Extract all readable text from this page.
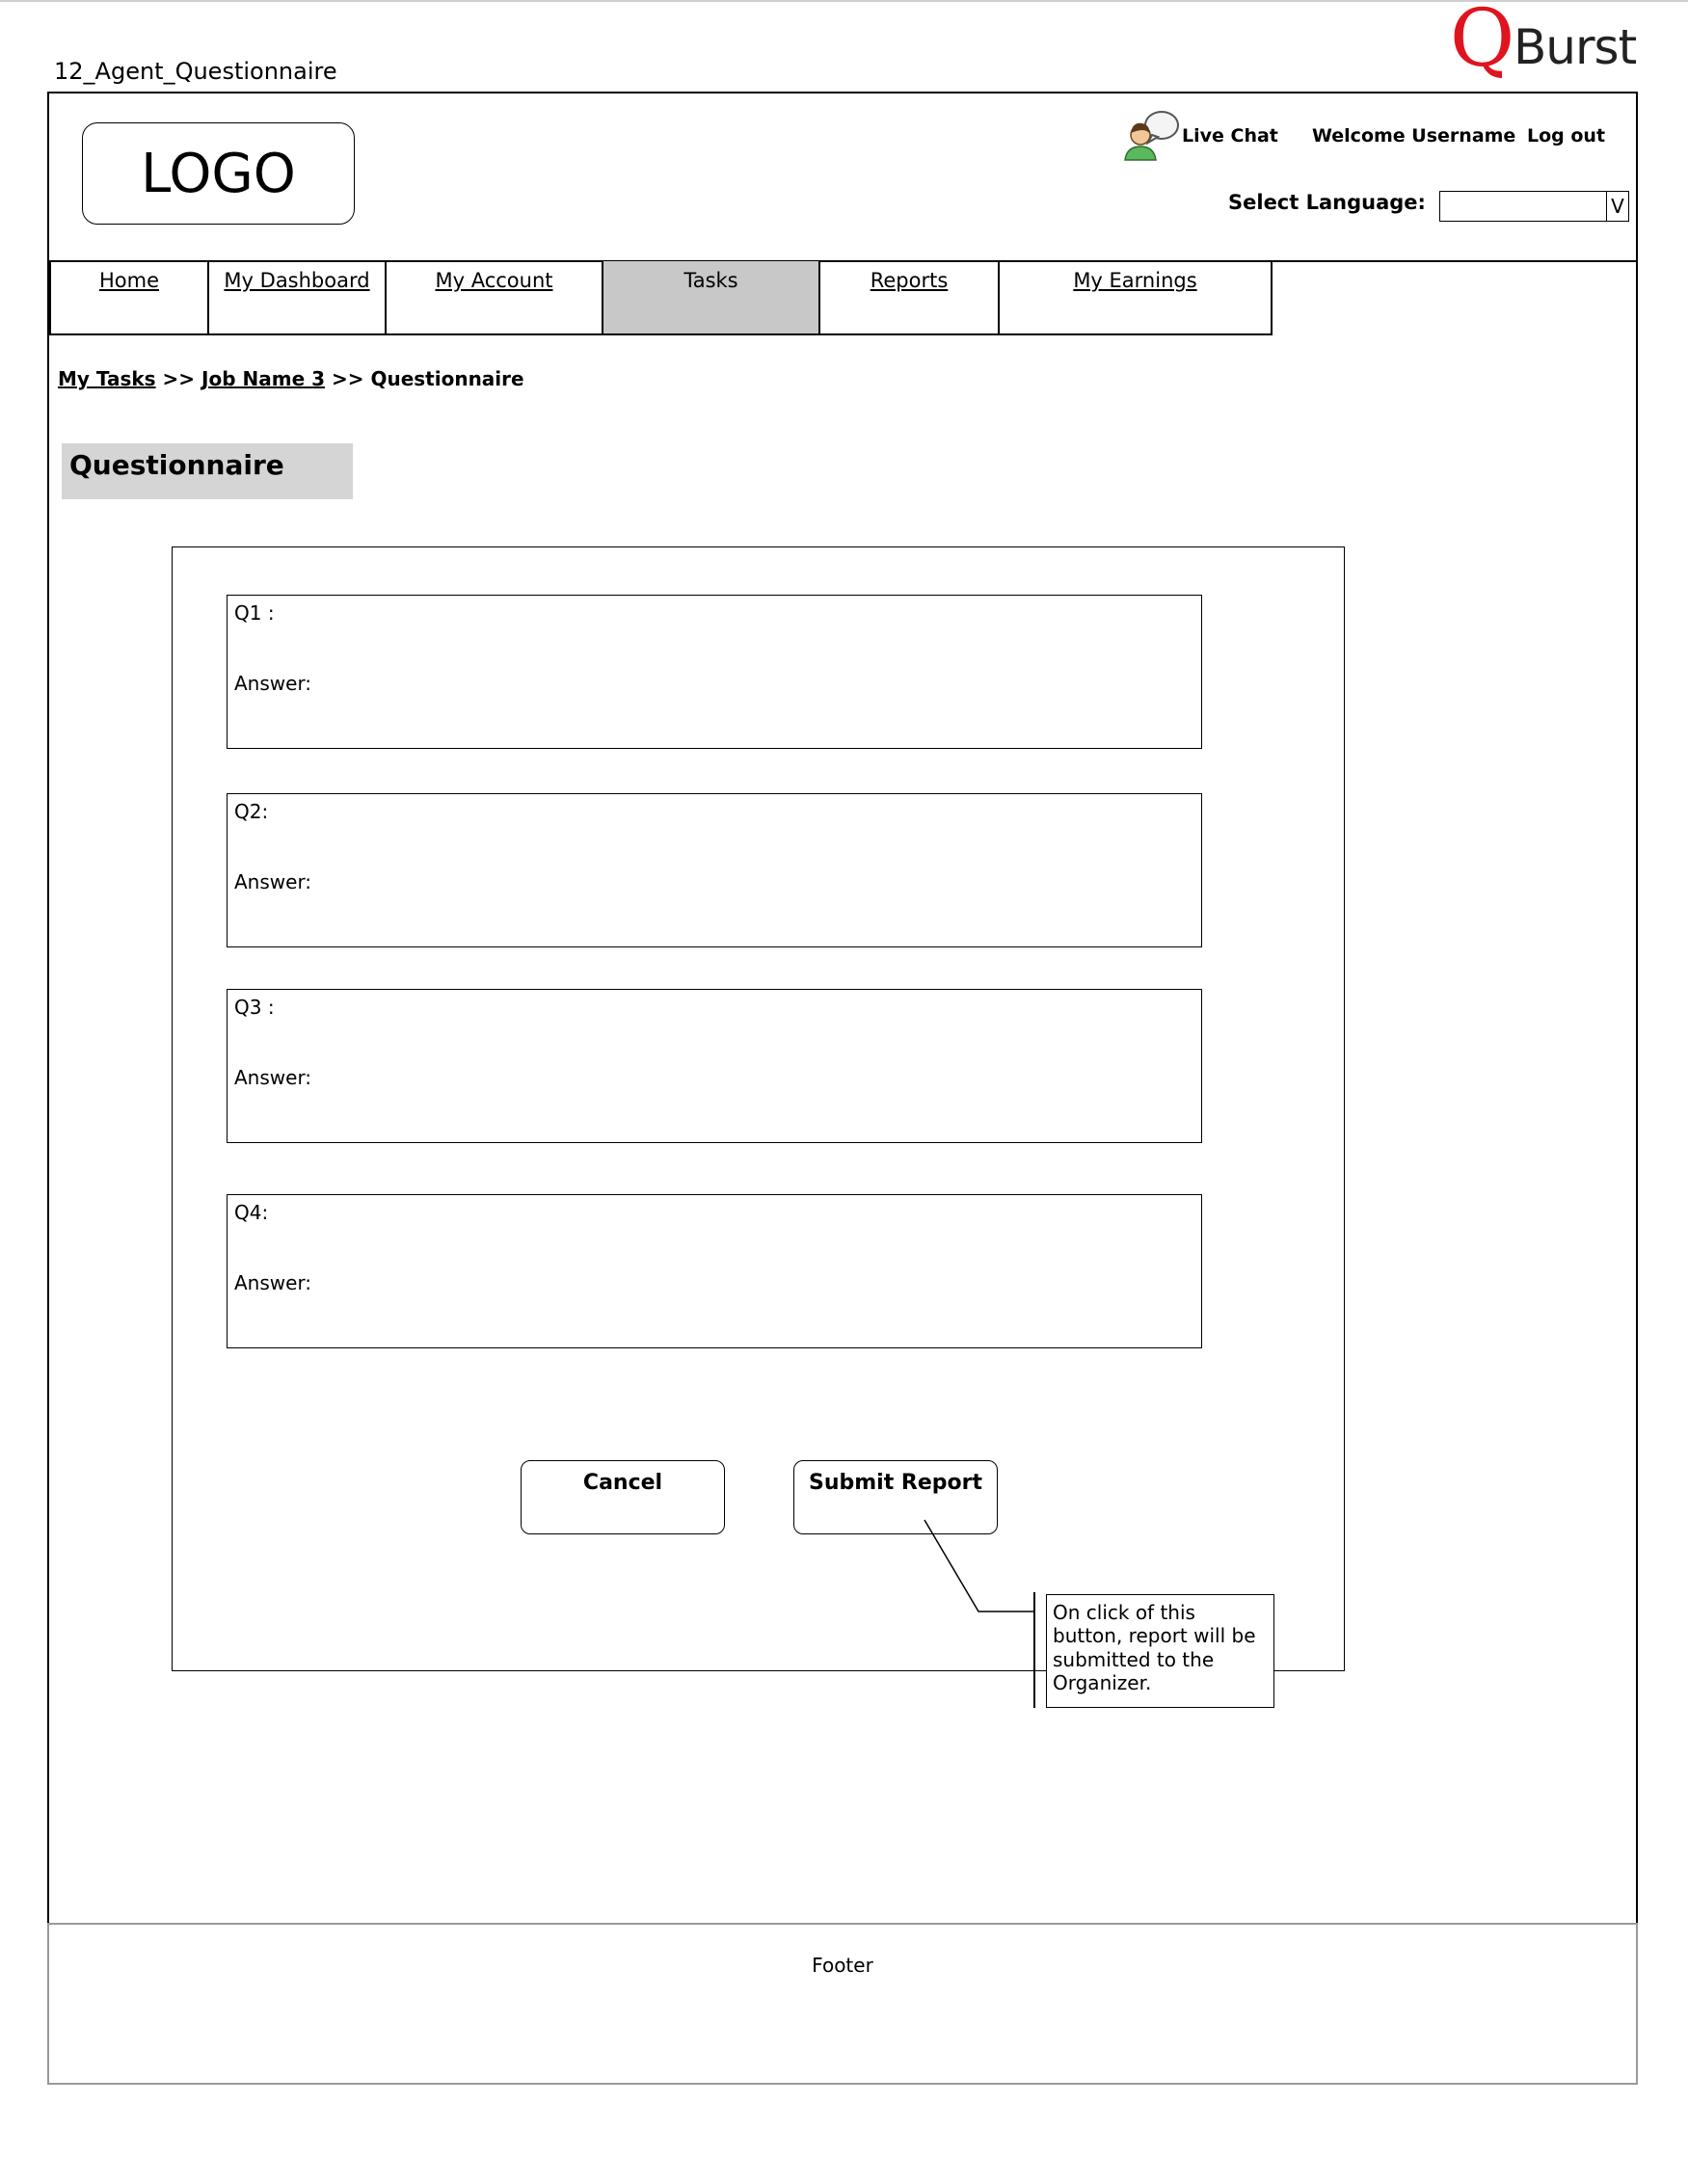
12_Agent_Questionnaire	Q
Burst
LOGO
Live Chat Welcome Username Log out
Select Language:	V
Home	My Dashboard	My Account	Tasks	Reports	My Earnings
My Tasks >> Job Name 3 >> Questionnaire
Questionnaire
Q1 :
Answer:
Q2:
Answer:
Q3 :
Answer:
Q4:
Answer:
Cancel	Submit Report
On click of this button, report will be submitted to the Organizer.
Footer
